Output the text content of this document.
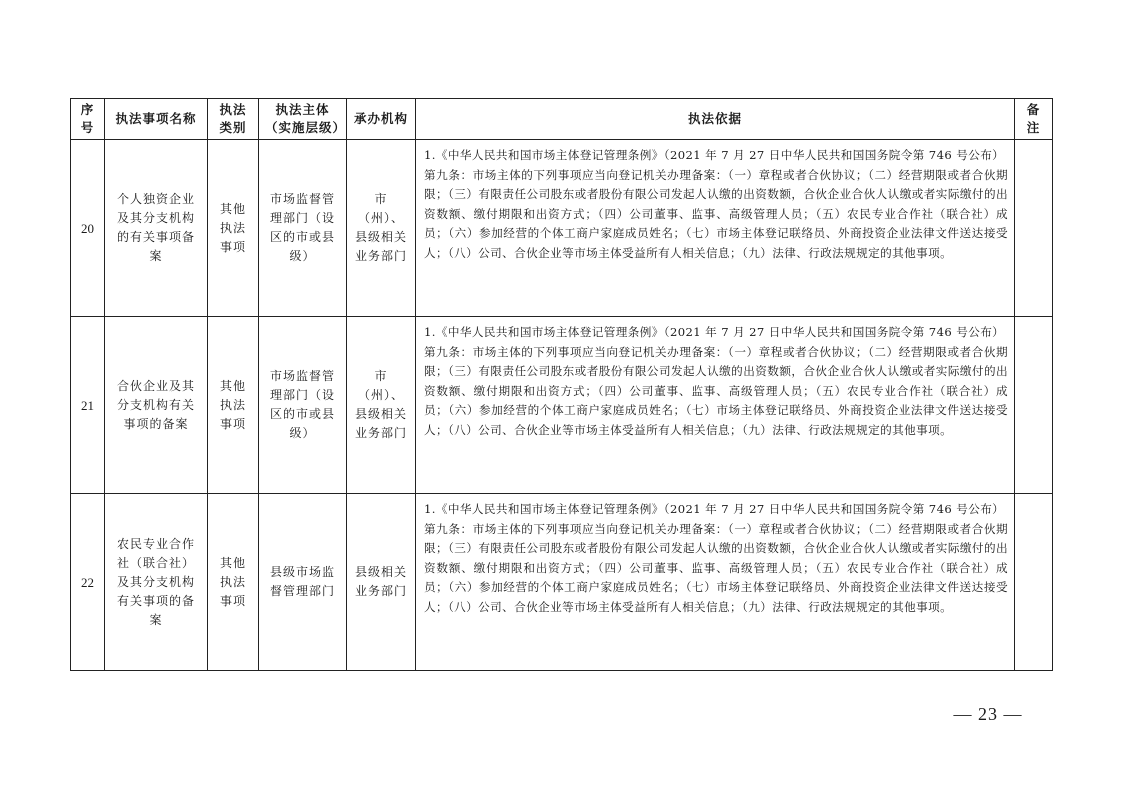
序号	执法事项名称	执法类别	执法主体（实施层级）	承办机构	执法依据	备注

20	个人独资企业及其分支机构的有关事项备案	其他执法事项	市场监督管理部门（设区的市或县级）	市（州）、县级相关业务部门	1.《中华人民共和国市场主体登记管理条例》（2021 年 7 月 27 日中华人民共和国国务院令第 746 号公布）

第九条：市场主体的下列事项应当向登记机关办理备案：（一）章程或者合伙协议；（二）经营期限或者合伙期限；（三）有限责任公司股东或者股份有限公司发起人认缴的出资数额，合伙企业合伙人认缴或者实际缴付的出资数额、缴付期限和出资方式；（四）公司董事、监事、高级管理人员；（五）农民专业合作社（联合社）成员；（六）参加经营的个体工商户家庭成员姓名；（七）市场主体登记联络员、外商投资企业法律文件送达接受人；（八）公司、合伙企业等市场主体受益所有人相关信息；（九）法律、行政法规规定的其他事项。	

21	合伙企业及其分支机构有关事项的备案	其他执法事项	市场监督管理部门（设区的市或县级）	市（州）、县级相关业务部门	1.《中华人民共和国市场主体登记管理条例》（2021 年 7 月 27 日中华人民共和国国务院令第 746 号公布）

第九条：市场主体的下列事项应当向登记机关办理备案：（一）章程或者合伙协议；（二）经营期限或者合伙期限；（三）有限责任公司股东或者股份有限公司发起人认缴的出资数额，合伙企业合伙人认缴或者实际缴付的出资数额、缴付期限和出资方式；（四）公司董事、监事、高级管理人员；（五）农民专业合作社（联合社）成员；（六）参加经营的个体工商户家庭成员姓名；（七）市场主体登记联络员、外商投资企业法律文件送达接受人；（八）公司、合伙企业等市场主体受益所有人相关信息；（九）法律、行政法规规定的其他事项。	

22	农民专业合作社（联合社）及其分支机构有关事项的备案	其他执法事项	县级市场监督管理部门	县级相关业务部门	1.《中华人民共和国市场主体登记管理条例》（2021 年 7 月 27 日中华人民共和国国务院令第 746 号公布）

第九条：市场主体的下列事项应当向登记机关办理备案：（一）章程或者合伙协议；（二）经营期限或者合伙期限；（三）有限责任公司股东或者股份有限公司发起人认缴的出资数额，合伙企业合伙人认缴或者实际缴付的出资数额、缴付期限和出资方式；（四）公司董事、监事、高级管理人员；（五）农民专业合作社（联合社）成员；（六）参加经营的个体工商户家庭成员姓名；（七）市场主体登记联络员、外商投资企业法律文件送达接受人；（八）公司、合伙企业等市场主体受益所有人相关信息；（九）法律、行政法规规定的其他事项。	

— 23 —
